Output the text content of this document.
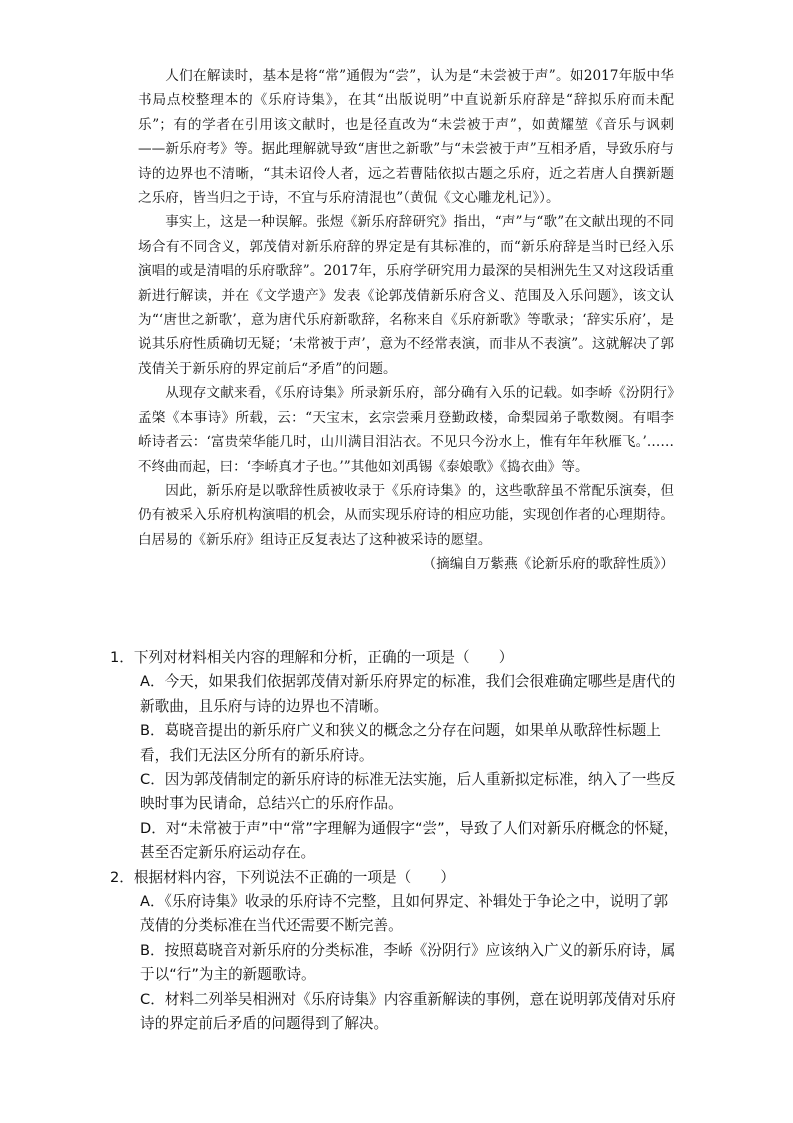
人们在解读时，基本是将“常”通假为“尝”，认为是“未尝被于声”。如2017年版中华书局点校整理本的《乐府诗集》，在其“出版说明”中直说新乐府辞是“辞拟乐府而未配乐”；有的学者在引用该文献时，也是径直改为“未尝被于声”，如黄耀堃《音乐与讽刺——新乐府考》等。据此理解就导致“唐世之新歌”与“未尝被于声”互相矛盾，导致乐府与诗的边界也不清晰，“其未诏伶人者，远之若曹陆依拟古题之乐府，近之若唐人自撰新题之乐府，皆当归之于诗，不宜与乐府清混也”（黄侃《文心雕龙札记》）。

事实上，这是一种误解。张煜《新乐府辞研究》指出，“声”与“歌”在文献出现的不同场合有不同含义，郭茂倩对新乐府辞的界定是有其标准的，而“新乐府辞是当时已经入乐演唱的或是清唱的乐府歌辞”。2017年，乐府学研究用力最深的吴相洲先生又对这段话重新进行解读，并在《文学遗产》发表《论郭茂倩新乐府含义、范围及入乐问题》，该文认为“‘唐世之新歌’，意为唐代乐府新歌辞，名称来自《乐府新歌》等歌录；‘辞实乐府’，是说其乐府性质确切无疑；‘未常被于声’，意为不经常表演，而非从不表演”。这就解决了郭茂倩关于新乐府的界定前后“矛盾”的问题。

从现存文献来看，《乐府诗集》所录新乐府，部分确有入乐的记载。如李峤《汾阴行》孟棨《本事诗》所载，云：“天宝末，玄宗尝乘月登勤政楼，命梨园弟子歌数阕。有唱李峤诗者云：‘富贵荣华能几时，山川满目泪沾衣。不见只今汾水上，惟有年年秋雁飞。’……不终曲而起，曰：‘李峤真才子也。’”其他如刘禹锡《泰娘歌》《捣衣曲》等。

因此，新乐府是以歌辞性质被收录于《乐府诗集》的，这些歌辞虽不常配乐演奏，但仍有被采入乐府机构演唱的机会，从而实现乐府诗的相应功能，实现创作者的心理期待。白居易的《新乐府》组诗正反复表达了这种被采诗的愿望。

（摘编自万紫燕《论新乐府的歌辞性质》）

1．下列对材料相关内容的理解和分析，正确的一项是（　　）

A．今天，如果我们依据郭茂倩对新乐府界定的标准，我们会很难确定哪些是唐代的新歌曲，且乐府与诗的边界也不清晰。

B．葛晓音提出的新乐府广义和狭义的概念之分存在问题，如果单从歌辞性标题上看，我们无法区分所有的新乐府诗。

C．因为郭茂倩制定的新乐府诗的标准无法实施，后人重新拟定标准，纳入了一些反映时事为民请命，总结兴亡的乐府作品。

D．对“未常被于声”中“常”字理解为通假字“尝”，导致了人们对新乐府概念的怀疑，甚至否定新乐府运动存在。

2．根据材料内容，下列说法不正确的一项是（　　）

A．《乐府诗集》收录的乐府诗不完整，且如何界定、补辑处于争论之中，说明了郭茂倩的分类标准在当代还需要不断完善。

B．按照葛晓音对新乐府的分类标准，李峤《汾阴行》应该纳入广义的新乐府诗，属于以“行”为主的新题歌诗。

C．材料二列举吴相洲对《乐府诗集》内容重新解读的事例，意在说明郭茂倩对乐府诗的界定前后矛盾的问题得到了解决。
